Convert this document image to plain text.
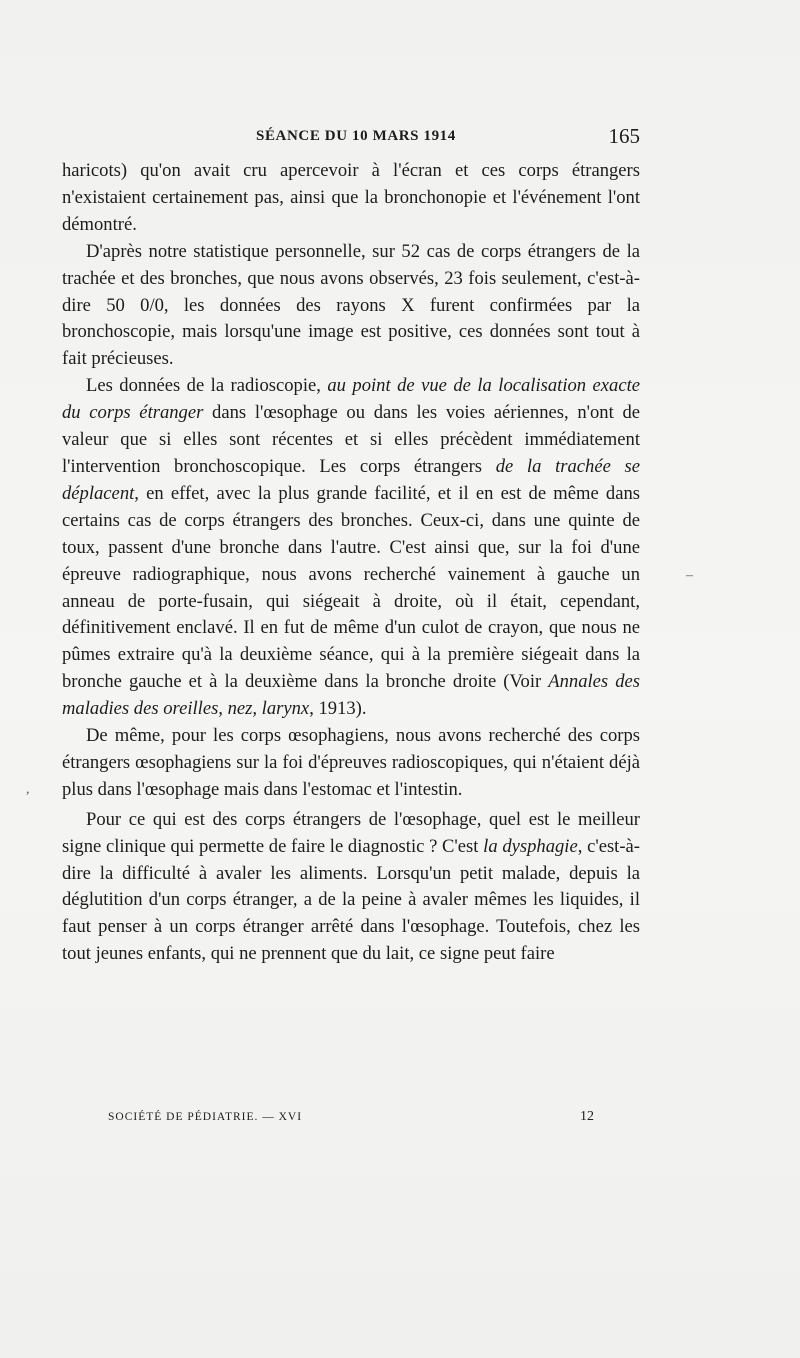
SÉANCE DU 10 MARS 1914	165

haricots) qu'on avait cru apercevoir à l'écran et ces corps étrangers n'existaient certainement pas, ainsi que la bronchonopie et l'événement l'ont démontré.

D'après notre statistique personnelle, sur 52 cas de corps étrangers de la trachée et des bronches, que nous avons observés, 23 fois seulement, c'est-à-dire 50 0/0, les données des rayons X furent confirmées par la bronchoscopie, mais lorsqu'une image est positive, ces données sont tout à fait précieuses.

Les données de la radioscopie, au point de vue de la localisation exacte du corps étranger dans l'œsophage ou dans les voies aériennes, n'ont de valeur que si elles sont récentes et si elles précèdent immédiatement l'intervention bronchoscopique. Les corps étrangers de la trachée se déplacent, en effet, avec la plus grande facilité, et il en est de même dans certains cas de corps étrangers des bronches. Ceux-ci, dans une quinte de toux, passent d'une bronche dans l'autre. C'est ainsi que, sur la foi d'une épreuve radiographique, nous avons recherché vainement à gauche un anneau de porte-fusain, qui siégeait à droite, où il était, cependant, définitivement enclavé. Il en fut de même d'un culot de crayon, que nous ne pûmes extraire qu'à la deuxième séance, qui à la première siégeait dans la bronche gauche et à la deuxième dans la bronche droite (Voir Annales des maladies des oreilles, nez, larynx, 1913).

De même, pour les corps œsophagiens, nous avons recherché des corps étrangers œsophagiens sur la foi d'épreuves radioscopiques, qui n'étaient déjà plus dans l'œsophage mais dans l'estomac et l'intestin.

Pour ce qui est des corps étrangers de l'œsophage, quel est le meilleur signe clinique qui permette de faire le diagnostic ? C'est la dysphagie, c'est-à-dire la difficulté à avaler les aliments. Lorsqu'un petit malade, depuis la déglutition d'un corps étranger, a de la peine à avaler mêmes les liquides, il faut penser à un corps étranger arrêté dans l'œsophage. Toutefois, chez les tout jeunes enfants, qui ne prennent que du lait, ce signe peut faire

SOCIÉTÉ DE PÉDIATRIE. — XVI	12
,
–
